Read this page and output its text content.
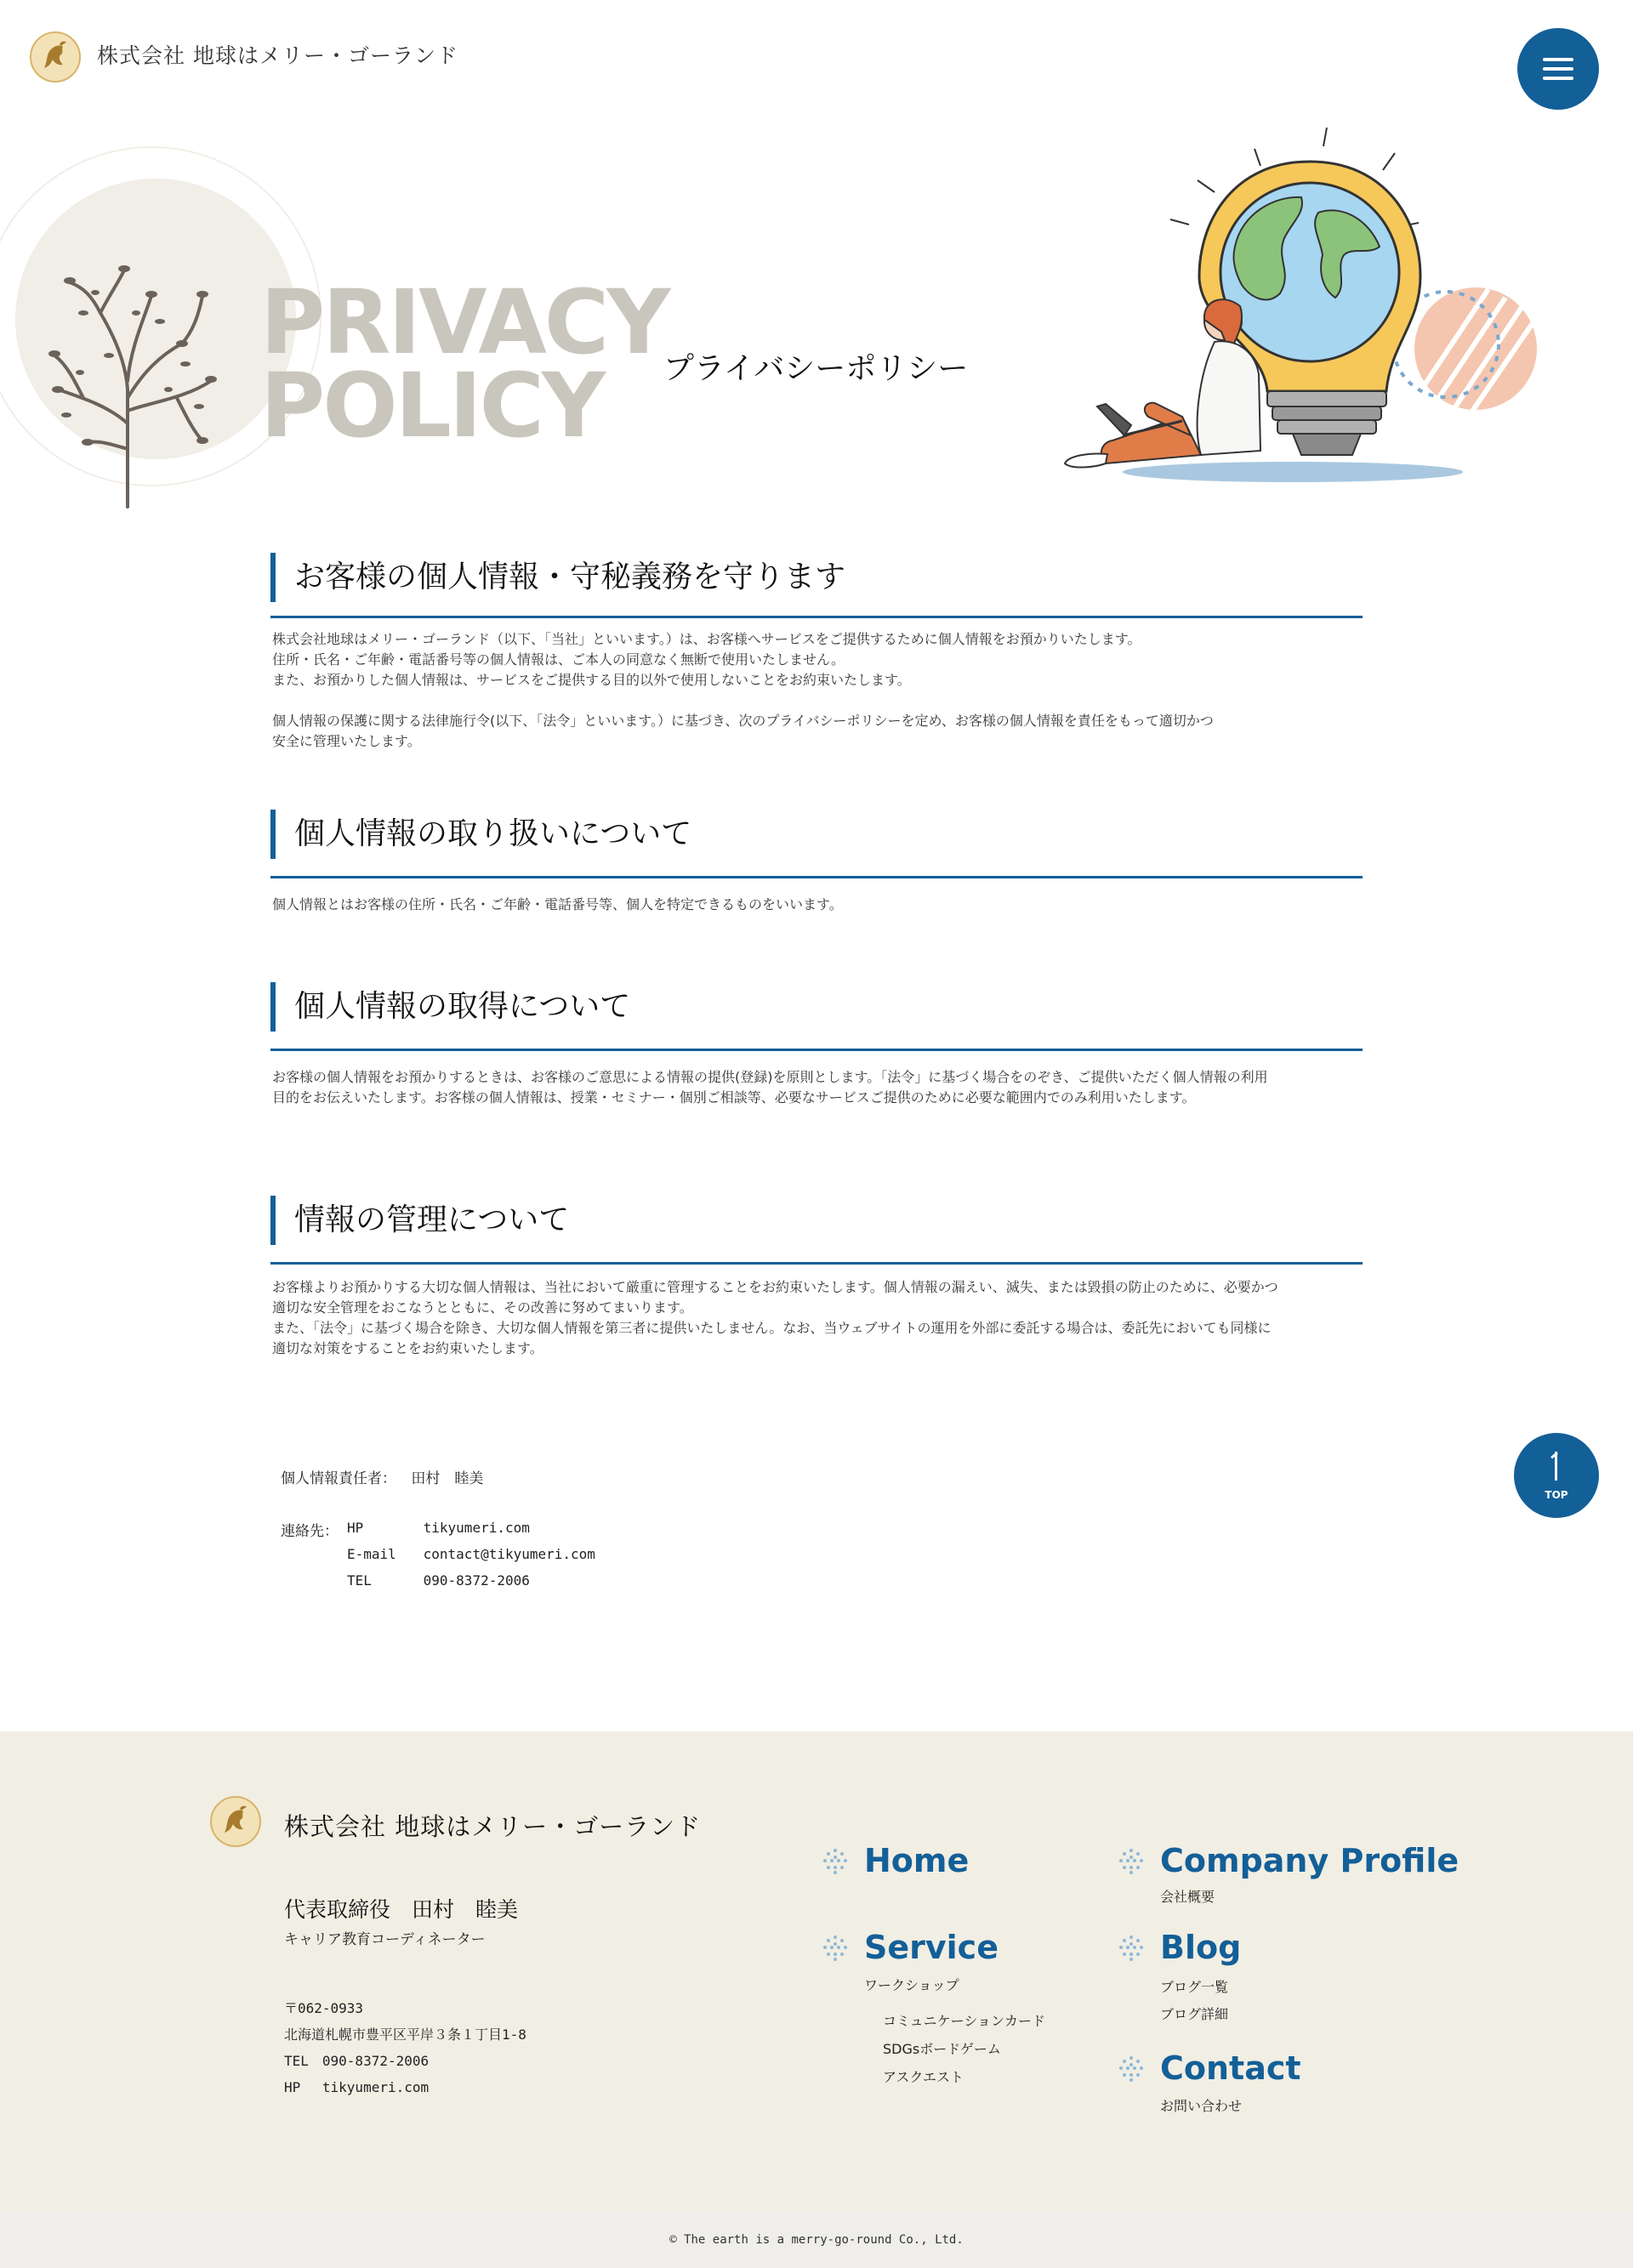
株式会社 地球はメリー・ゴーランド
PRIVACY
POLICY	プライバシーポリシー
お客様の個人情報・守秘義務を守ります

株式会社地球はメリー・ゴーランド（以下、「当社」といいます。）は、お客様へサービスをご提供するために個人情報をお預かりいたします。
住所・氏名・ご年齢・電話番号等の個人情報は、ご本人の同意なく無断で使用いたしません。
また、お預かりした個人情報は、サービスをご提供する目的以外で使用しないことをお約束いたします。

個人情報の保護に関する法律施行令(以下、「法令」といいます。）に基づき、次のプライバシーポリシーを定め、お客様の個人情報を責任をもって適切かつ
安全に管理いたします。

個人情報の取り扱いについて

個人情報とはお客様の住所・氏名・ご年齢・電話番号等、個人を特定できるものをいいます。

個人情報の取得について

お客様の個人情報をお預かりするときは、お客様のご意思による情報の提供(登録)を原則とします。「法令」に基づく場合をのぞき、ご提供いただく個人情報の利用
目的をお伝えいたします。お客様の個人情報は、授業・セミナー・個別ご相談等、必要なサービスご提供のために必要な範囲内でのみ利用いたします。

情報の管理について

お客様よりお預かりする大切な個人情報は、当社において厳重に管理することをお約束いたします。個人情報の漏えい、滅失、または毀損の防止のために、必要かつ
適切な安全管理をおこなうとともに、その改善に努めてまいります。
また、「法令」に基づく場合を除き、大切な個人情報を第三者に提供いたしません。なお、当ウェブサイトの運用を外部に委託する場合は、委託先においても同様に
適切な対策をすることをお約束いたします。

個人情報責任者： 田村　睦美
連絡先： HP	tikyumeri.com
E-mail contact@tikyumeri.com
TEL	090-8372-2006
TOP
株式会社 地球はメリー・ゴーランド
代表取締役　田村　睦美
キャリア教育コーディネーター
〒062-0933
北海道札幌市豊平区平岸３条１丁目1-8
TEL　090-8372-2006
HP　 tikyumeri.com
Home	Company Profile
会社概要
Service
ワークショップ
コミュニケーションカード
SDGsボードゲーム
アスクエスト
Blog
ブログ一覧
ブログ詳細
Contact
お問い合わせ
© The earth is a merry-go-round Co., Ltd.
